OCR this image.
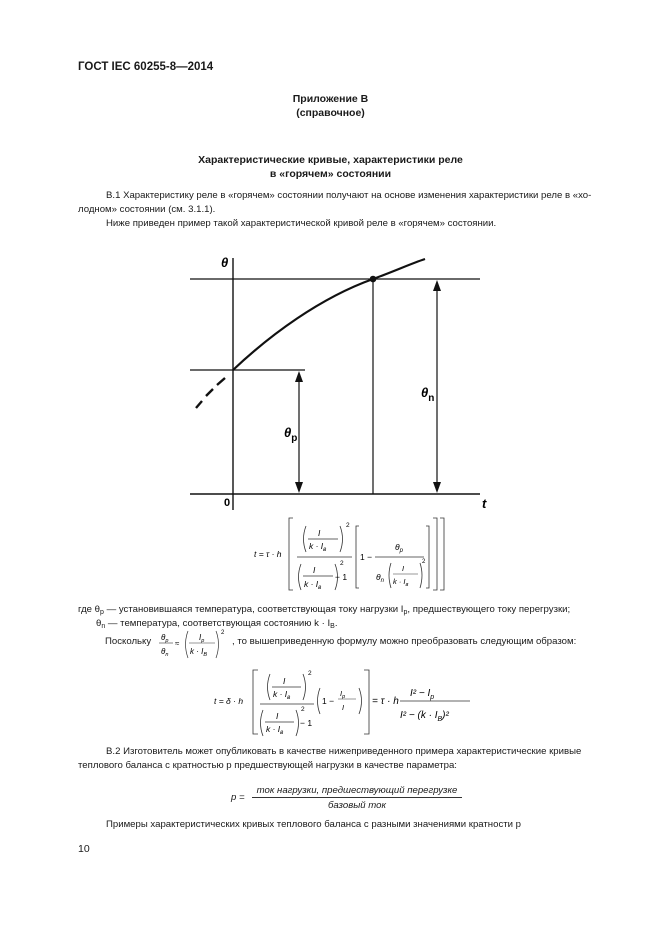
ГОСТ IEC 60255-8—2014
Приложение В
(справочное)
Характеристические кривые, характеристики реле
в «горячем» состоянии
В.1 Характеристику реле в «горячем» состоянии получают на основе изменения характеристики реле в «хо-
лодном» состоянии (см. 3.1.1).
Ниже приведен пример такой характеристической кривой реле в «горячем» состоянии.
θ
t
0
$\theta_p$
$\theta_n$
t = τ · h
I
$k \cdot I_в$
2
I
$k \cdot I_в$
2
− 1
1 −
$\theta_p$
$\theta_n$
I
$k \cdot I_в$
2
где $\theta_р$ — установившаяся температура, соответствующая току нагрузки $I_р$, предшествующего току перегрузки;
$\theta_n$ — температура, соответствующая состоянию $k \cdot I_B$.
Поскольку $\theta_p$
$\theta_n$
≈
$I_p$
$k \cdot I_B$
2
, то вышеприведенную формулу можно преобразовать следующим образом:
t = δ · h
I
$k \cdot I_в$
2
I
$k \cdot I_в$
2
− 1
1 −
$I_p$
I
= τ · h
$I^2 - I_p$
$I^2 - (k \cdot I_B)^2$
В.2 Изготовитель может опубликовать в качестве нижеприведенного примера характеристические кривые
теплового баланса с кратностью p предшествующей нагрузки в качестве параметра:
p =
ток нагрузки, предшествующий перегрузке
базовый ток
Примеры характеристических кривых теплового баланса с разными значениями кратности p
10
